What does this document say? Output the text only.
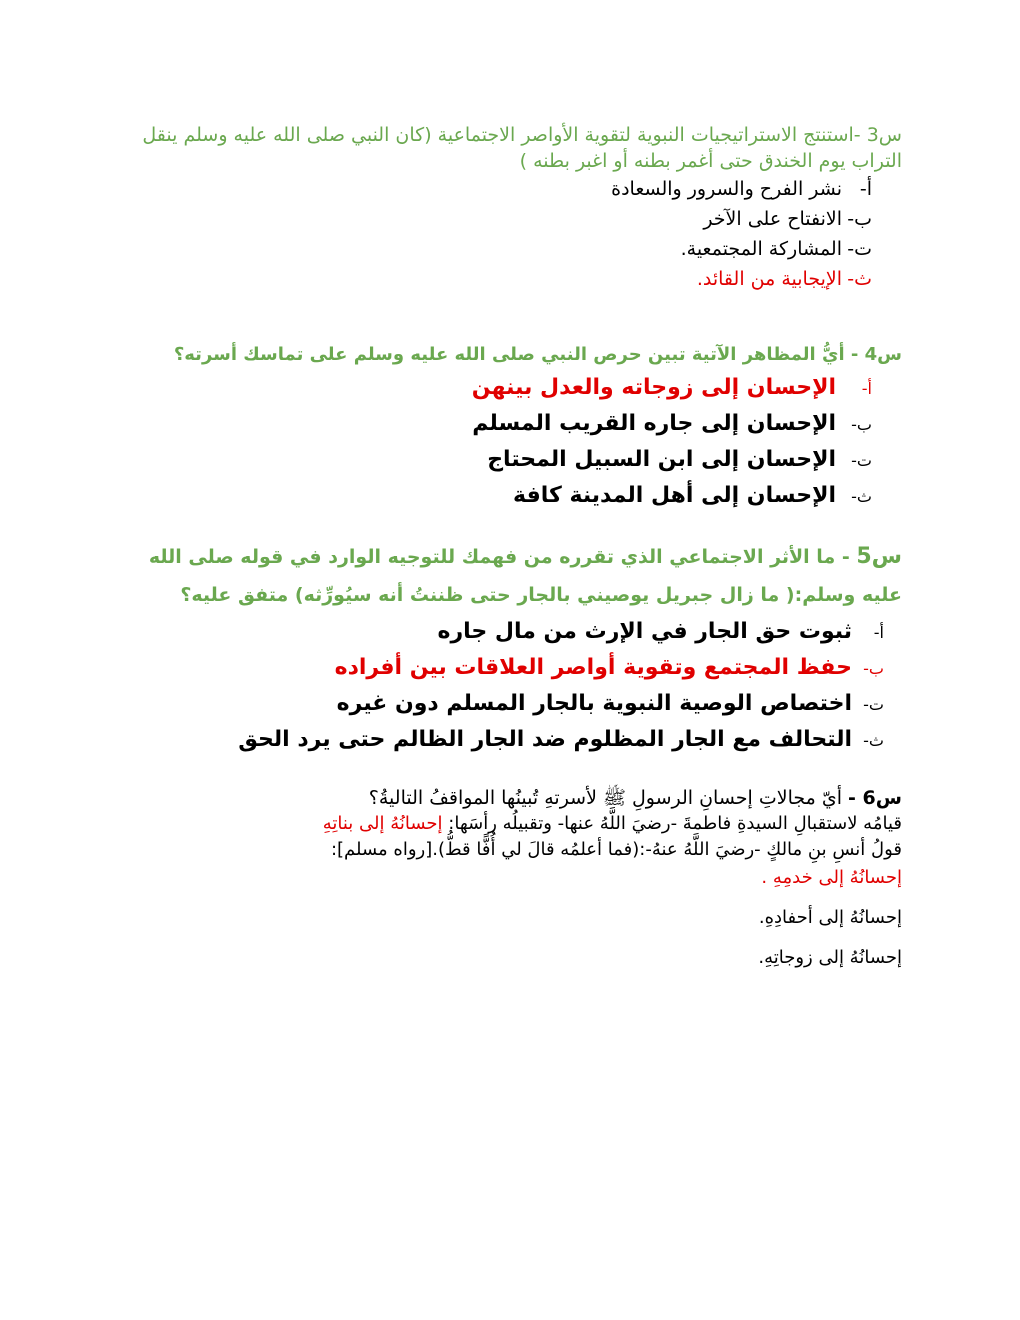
س3 -استنتج الاستراتيجيات النبوية لتقوية الأواصر الاجتماعية (كان النبي صلى الله عليه وسلم ينقل التراب يوم الخندق حتى أغمر بطنه أو اغبر بطنه )
أ-نشر الفرح والسرور والسعادة
ب-الانفتاح على الآخر
ت-المشاركة المجتمعية.
ث-الإيجابية من القائد.
س4 - أيُّ المظاهر الآتية تبين حرص النبي صلى الله عليه وسلم على تماسك أسرته؟
أ-الإحسان إلى زوجاته والعدل بينهن
ب-الإحسان إلى جاره القريب المسلم
ت-الإحسان إلى ابن السبيل المحتاج
ث-الإحسان إلى أهل المدينة كافة
س5 - ما الأثر الاجتماعي الذي تقرره من فهمك للتوجيه الوارد في قوله صلى الله عليه وسلم:( ما زال جبريل يوصيني بالجار حتى ظننتُ أنه سيُورِّثه) متفق عليه؟
أ-ثبوت حق الجار في الإرث من مال جاره
ب-حفظ المجتمع وتقوية أواصر العلاقات بين أفراده
ت-اختصاص الوصية النبوية بالجار المسلم دون غيره
ث-التحالف مع الجار المظلوم ضد الجار الظالم حتى يرد الحق
س6 - أيّ مجالاتِ إحسانِ الرسولِ ﷺ لأسرتهِ تُبينُها المواقفُ التاليةُ؟
قيامُه لاستقبالِ السيدةِ فاطمةَ -رضيَ اللَّهُ عنها- وتقبيلُه رأسَها: إحسانُهُ إلى بناتِهِ
قولُ أنسِ بنِ مالكٍ -رضيَ اللَّهُ عنهُ-:(فما أعلمُه قالَ لي أُفًّا قطُّ).[رواه مسلم]:
إحسانُهُ إلى خدمِهِ .
إحسانُهُ إلى أحفادِهِ.
إحسانُهُ إلى زوجاتِهِ.
